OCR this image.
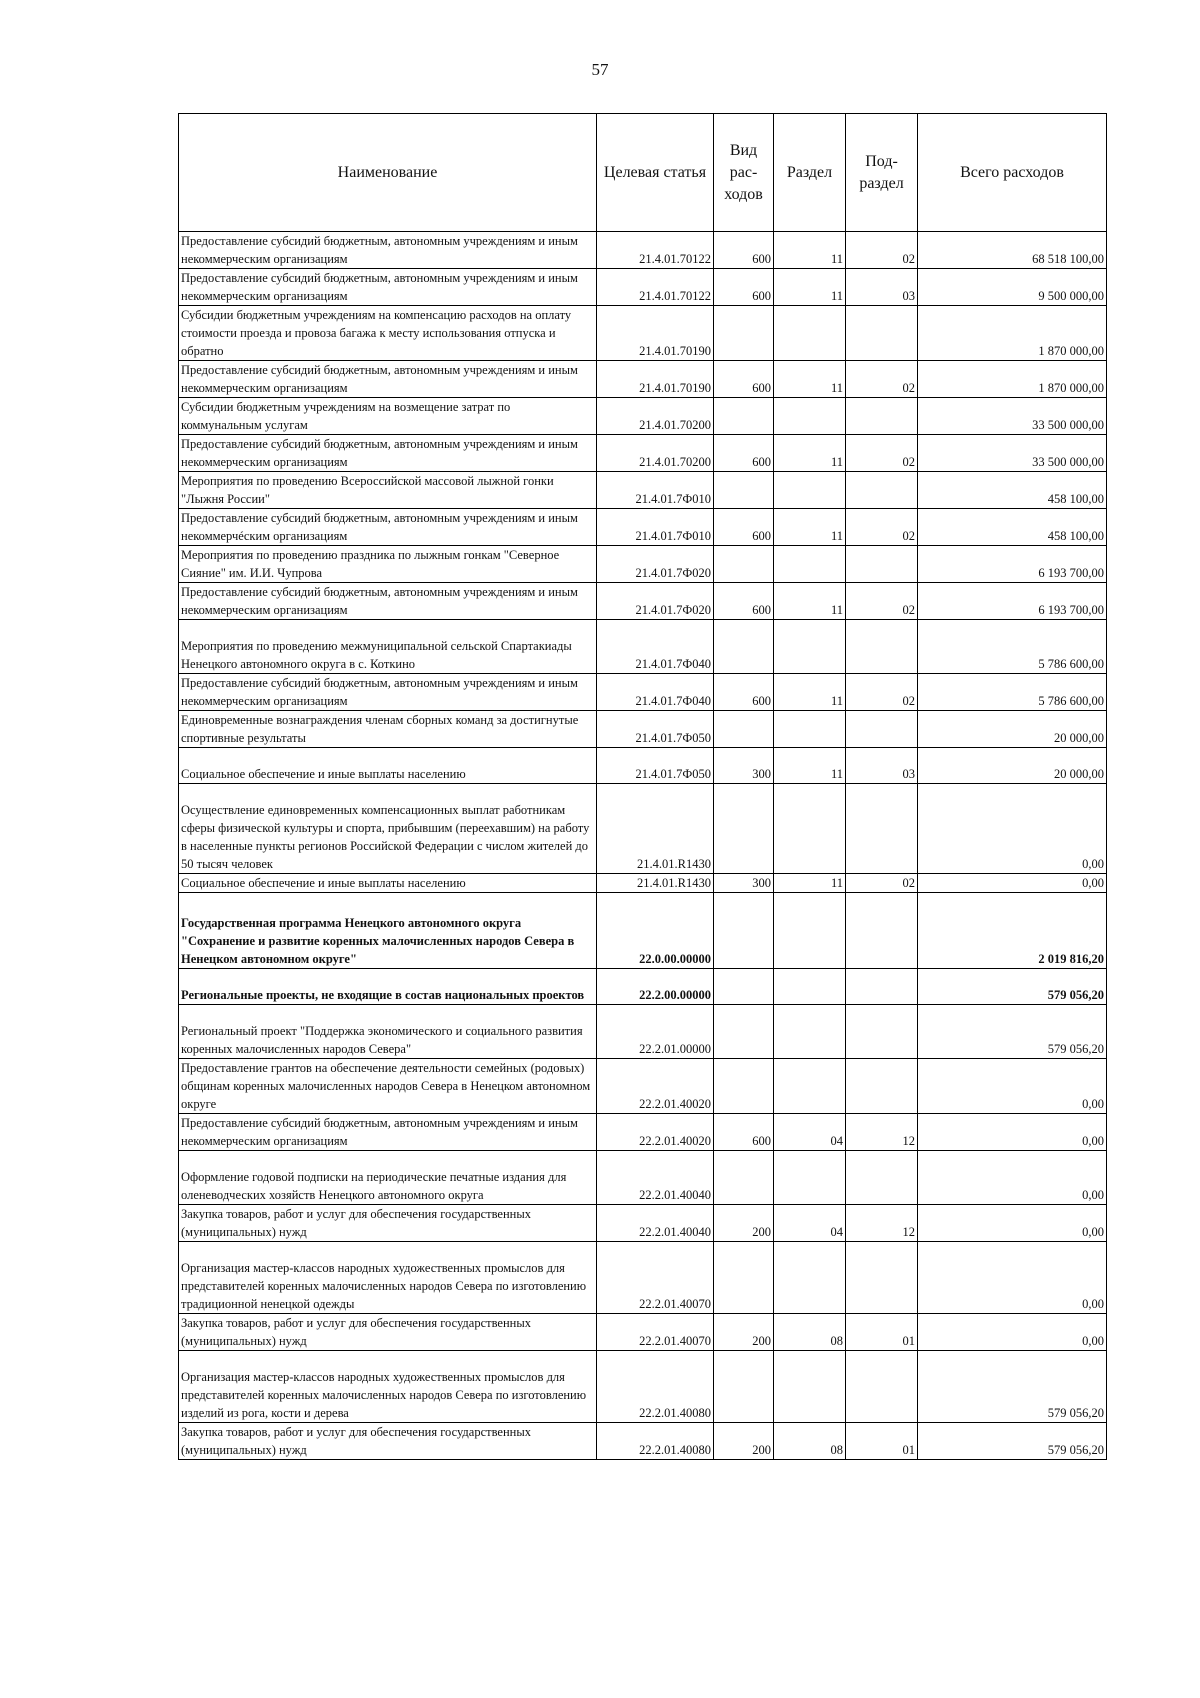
57
Наименование	Целевая статья	Вид рас-ходов	Раздел	Под-раздел	Всего расходов
Предоставление субсидий бюджетным, автономным учреждениям и иным некоммерческим организациям	21.4.01.70122	600	11	02	68 518 100,00
Предоставление субсидий бюджетным, автономным учреждениям и иным некоммерческим организациям	21.4.01.70122	600	11	03	9 500 000,00
Субсидии бюджетным учреждениям на компенсацию расходов на оплату стоимости проезда и провоза багажа к месту использования отпуска и обратно	21.4.01.70190				1 870 000,00
Предоставление субсидий бюджетным, автономным учреждениям и иным некоммерческим организациям	21.4.01.70190	600	11	02	1 870 000,00
Субсидии бюджетным учреждениям на возмещение затрат по коммунальным услугам	21.4.01.70200				33 500 000,00
Предоставление субсидий бюджетным, автономным учреждениям и иным некоммерческим организациям	21.4.01.70200	600	11	02	33 500 000,00
Мероприятия по проведению Всероссийской массовой лыжной гонки "Лыжня России"	21.4.01.7Ф010				458 100,00
Предоставление субсидий бюджетным, автономным учреждениям и иным некоммерчéским организациям	21.4.01.7Ф010	600	11	02	458 100,00
Мероприятия по проведению праздника по лыжным гонкам "Северное Сияние" им. И.И. Чупрова	21.4.01.7Ф020				6 193 700,00
Предоставление субсидий бюджетным, автономным учреждениям и иным некоммерческим организациям	21.4.01.7Ф020	600	11	02	6 193 700,00
Мероприятия по проведению межмуниципальной сельской Спартакиады Ненецкого автономного округа в с. Коткино	21.4.01.7Ф040				5 786 600,00
Предоставление субсидий бюджетным, автономным учреждениям и иным некоммерческим организациям	21.4.01.7Ф040	600	11	02	5 786 600,00
Единовременные вознаграждения членам сборных команд за достигнутые спортивные результаты	21.4.01.7Ф050				20 000,00
Социальное обеспечение и иные выплаты населению	21.4.01.7Ф050	300	11	03	20 000,00
Осуществление единовременных компенсационных выплат работникам сферы физической культуры и спорта, прибывшим (переехавшим) на работу в населенные пункты регионов Российской Федерации с числом жителей до 50 тысяч человек	21.4.01.R1430				0,00
Социальное обеспечение и иные выплаты населению	21.4.01.R1430	300	11	02	0,00
Государственная программа Ненецкого автономного округа "Сохранение и развитие коренных малочисленных народов Севера в Ненецком автономном округе"	22.0.00.00000				2 019 816,20
Региональные проекты, не входящие в состав национальных проектов	22.2.00.00000				579 056,20
Региональный проект "Поддержка экономического и социального развития коренных малочисленных народов Севера"	22.2.01.00000				579 056,20
Предоставление грантов на обеспечение деятельности семейных (родовых) общинам коренных малочисленных народов Севера в Ненецком автономном округе	22.2.01.40020				0,00
Предоставление субсидий бюджетным, автономным учреждениям и иным некоммерческим организациям	22.2.01.40020	600	04	12	0,00
Оформление годовой подписки на периодические печатные издания для оленеводческих хозяйств Ненецкого автономного округа	22.2.01.40040				0,00
Закупка товаров, работ и услуг для обеспечения государственных (муниципальных) нужд	22.2.01.40040	200	04	12	0,00
Организация мастер-классов народных художественных промыслов для представителей коренных малочисленных народов Севера по изготовлению традиционной ненецкой одежды	22.2.01.40070				0,00
Закупка товаров, работ и услуг для обеспечения государственных (муниципальных) нужд	22.2.01.40070	200	08	01	0,00
Организация мастер-классов народных художественных промыслов для представителей коренных малочисленных народов Севера по изготовлению изделий из рога, кости и дерева	22.2.01.40080				579 056,20
Закупка товаров, работ и услуг для обеспечения государственных (муниципальных) нужд	22.2.01.40080	200	08	01	579 056,20
